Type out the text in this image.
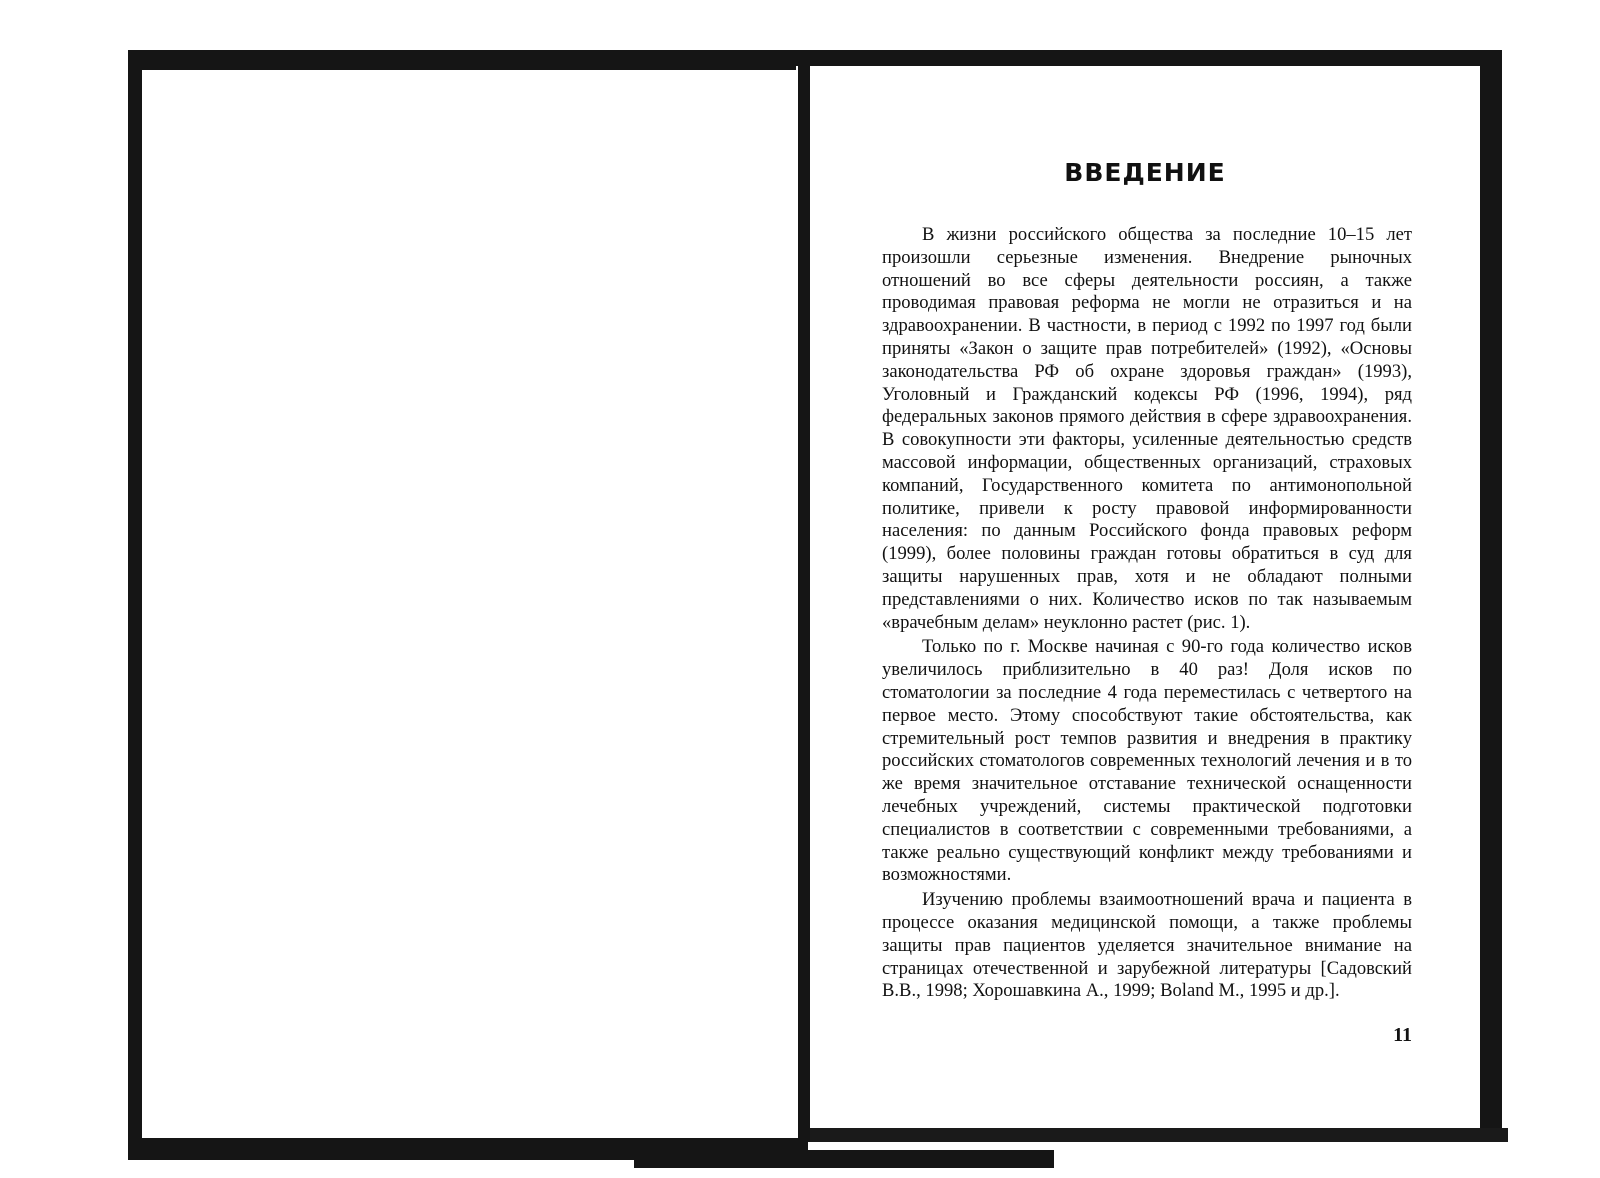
ВВЕДЕНИЕ

В жизни российского общества за последние 10–15 лет произошли серьезные изменения. Внедрение рыночных отношений во все сферы деятельности россиян, а также проводимая правовая реформа не могли не отразиться и на здравоохранении. В частности, в период с 1992 по 1997 год были приняты «Закон о защите прав потребителей» (1992), «Основы законодательства РФ об охране здоровья граждан» (1993), Уголовный и Гражданский кодексы РФ (1996, 1994), ряд федеральных законов прямого действия в сфере здравоохранения. В совокупности эти факторы, усиленные деятельностью средств массовой информации, общественных организаций, страховых компаний, Государственного комитета по антимонопольной политике, привели к росту правовой информированности населения: по данным Российского фонда правовых реформ (1999), более половины граждан готовы обратиться в суд для защиты нарушенных прав, хотя и не обладают полными представлениями о них. Количество исков по так называемым «врачебным делам» неуклонно растет (рис. 1).

Только по г. Москве начиная с 90-го года количество исков увеличилось приблизительно в 40 раз! Доля исков по стоматологии за последние 4 года переместилась с четвертого на первое место. Этому способствуют такие обстоятельства, как стремительный рост темпов развития и внедрения в практику российских стоматологов современных технологий лечения и в то же время значительное отставание технической оснащенности лечебных учреждений, системы практической подготовки специалистов в соответствии с современными требованиями, а также реально существующий конфликт между требованиями и возможностями.

Изучению проблемы взаимоотношений врача и пациента в процессе оказания медицинской помощи, а также проблемы защиты прав пациентов уделяется значительное внимание на страницах отечественной и зарубежной литературы [Садовский В.В., 1998; Хорошавкина А., 1999; Boland M., 1995 и др.].

11
